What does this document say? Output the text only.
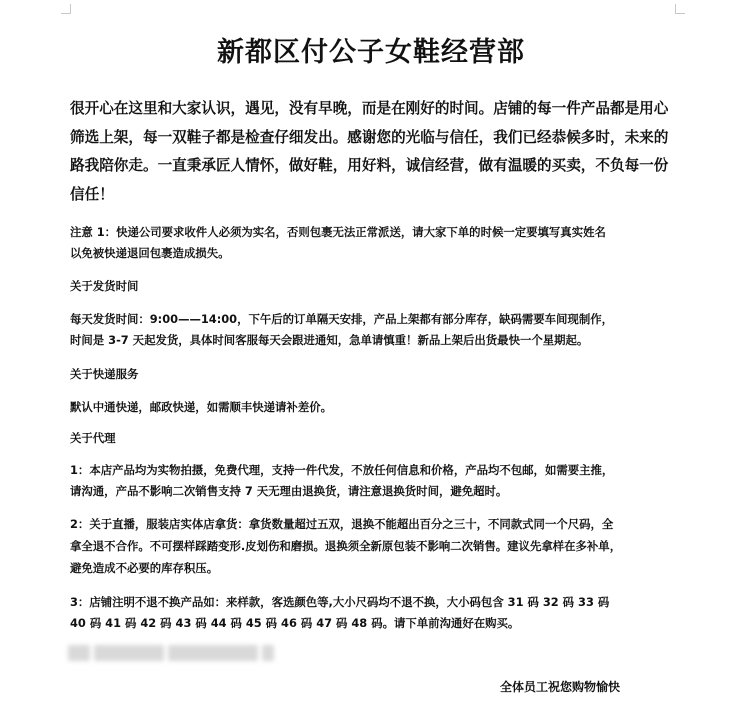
新都区付公子女鞋经营部
很开心在这里和大家认识，遇见，没有早晚，而是在刚好的时间。店铺的每一件产品都是用心筛选上架，每一双鞋子都是检查仔细发出。感谢您的光临与信任，我们已经恭候多时，未来的路我陪你走。一直秉承匠人情怀，做好鞋，用好料，诚信经营，做有温暖的买卖，不负每一份信任！
注意 1：快递公司要求收件人必须为实名，否则包裹无法正常派送，请大家下单的时候一定要填写真实姓名
以免被快递退回包裹造成损失。
关于发货时间
每天发货时间：9:00——14:00，下午后的订单隔天安排，产品上架都有部分库存，缺码需要车间现制作，
时间是 3-7 天起发货，具体时间客服每天会跟进通知，急单请慎重！新品上架后出货最快一个星期起。
关于快递服务
默认中通快递，邮政快递，如需顺丰快递请补差价。
关于代理
1：本店产品均为实物拍摄，免费代理，支持一件代发，不放任何信息和价格，产品均不包邮，如需要主推，
请沟通，产品不影响二次销售支持 7 天无理由退换货，请注意退换货时间，避免超时。
2：关于直播，服装店实体店拿货：拿货数量超过五双，退换不能超出百分之三十，不同款式同一个尺码，全
拿全退不合作。不可摆样踩踏变形.皮划伤和磨损。退换须全新原包装不影响二次销售。建议先拿样在多补单，
避免造成不必要的库存积压。
3：店铺注明不退不换产品如：来样款，客选颜色等,大小尺码均不退不换，大小码包含 31 码 32 码 33 码
40 码 41 码 42 码 43 码 44 码 45 码 46 码 47 码 48 码。请下单前沟通好在购买。
全体员工祝您购物愉快
